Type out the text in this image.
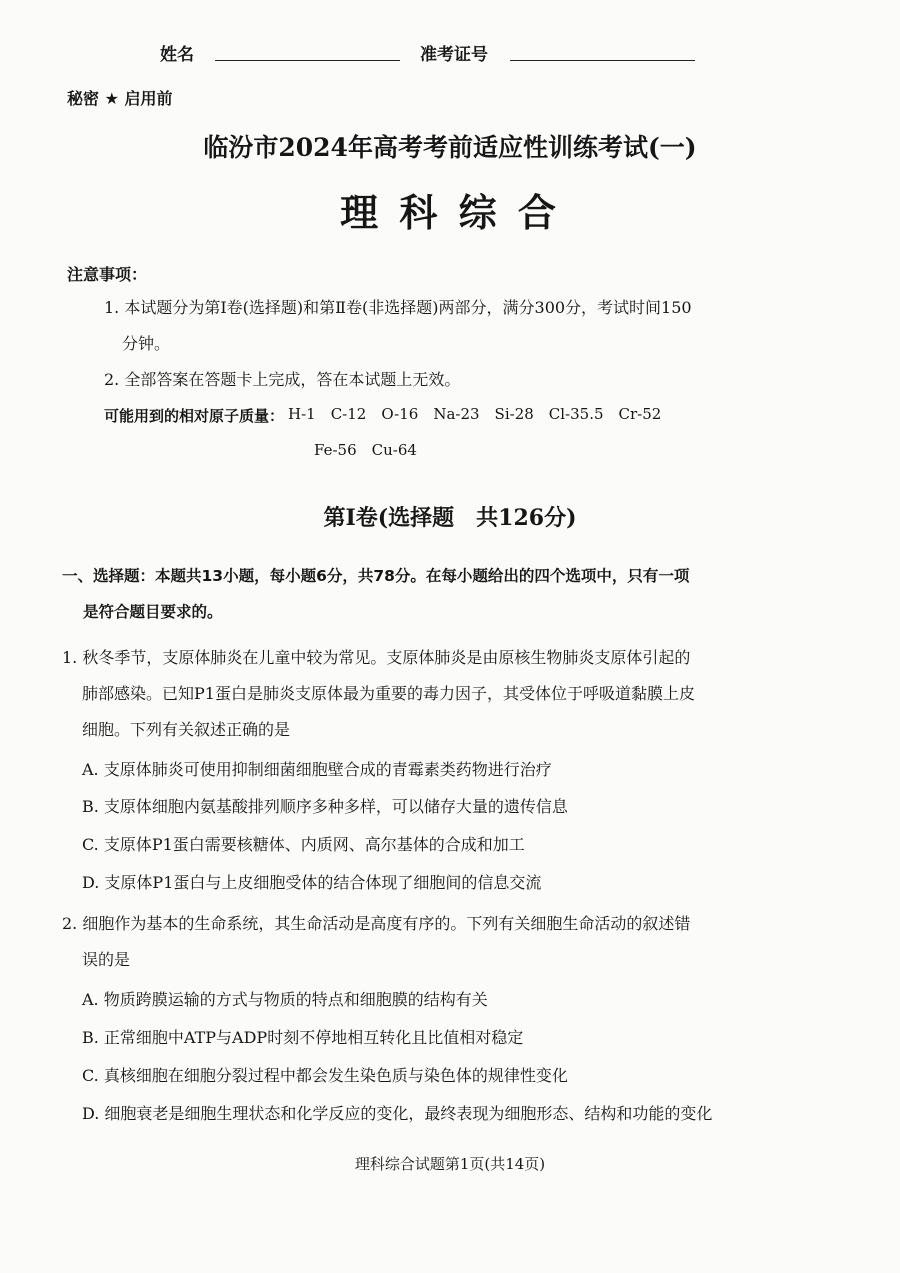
姓名	准考证号
秘密 ★ 启用前
临汾市2024年高考考前适应性训练考试(一)
理 科 综 合
注意事项：
1. 本试题分为第Ⅰ卷(选择题)和第Ⅱ卷(非选择题)两部分，满分300分，考试时间150
分钟。
2. 全部答案在答题卡上完成，答在本试题上无效。
可能用到的相对原子质量： H-1　C-12　O-16　Na-23　Si-28　Cl-35.5　Cr-52
Fe-56　Cu-64
第Ⅰ卷(选择题　共126分)
一、选择题：本题共13小题，每小题6分，共78分。在每小题给出的四个选项中，只有一项
是符合题目要求的。
1. 秋冬季节，支原体肺炎在儿童中较为常见。支原体肺炎是由原核生物肺炎支原体引起的
肺部感染。已知P1蛋白是肺炎支原体最为重要的毒力因子，其受体位于呼吸道黏膜上皮
细胞。下列有关叙述正确的是
A. 支原体肺炎可使用抑制细菌细胞壁合成的青霉素类药物进行治疗
B. 支原体细胞内氨基酸排列顺序多种多样，可以储存大量的遗传信息
C. 支原体P1蛋白需要核糖体、内质网、高尔基体的合成和加工
D. 支原体P1蛋白与上皮细胞受体的结合体现了细胞间的信息交流
2. 细胞作为基本的生命系统，其生命活动是高度有序的。下列有关细胞生命活动的叙述错
误的是
A. 物质跨膜运输的方式与物质的特点和细胞膜的结构有关
B. 正常细胞中ATP与ADP时刻不停地相互转化且比值相对稳定
C. 真核细胞在细胞分裂过程中都会发生染色质与染色体的规律性变化
D. 细胞衰老是细胞生理状态和化学反应的变化，最终表现为细胞形态、结构和功能的变化
理科综合试题第1页(共14页)
